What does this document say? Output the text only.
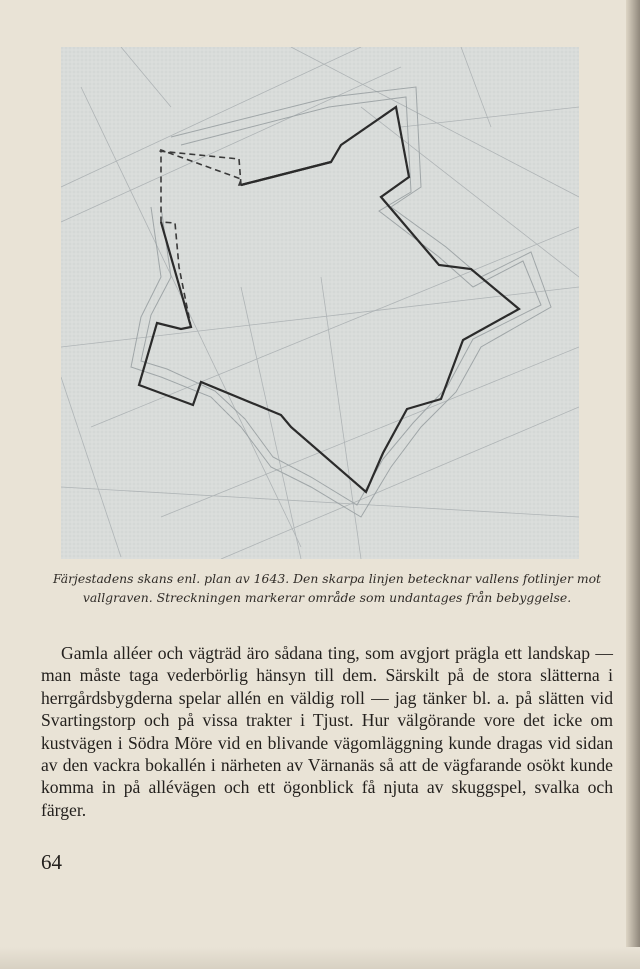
Färjestadens skans enl. plan av 1643. Den skarpa linjen betecknar vallens fotlinjer mot vallgraven. Streckningen markerar område som undantages från bebyggelse.

Gamla alléer och vägträd äro sådana ting, som avgjort prägla ett landskap — man måste taga vederbörlig hänsyn till dem. Särskilt på de stora slätterna i herrgårdsbygderna spelar allén en väldig roll — jag tänker bl. a. på slätten vid Svartingstorp och på vissa trakter i Tjust. Hur välgörande vore det icke om kustvägen i Södra Möre vid en blivande vägomläggning kunde dragas vid sidan av den vackra bokallén i närheten av Värnanäs så att de vägfarande osökt kunde komma in på allévägen och ett ögonblick få njuta av skuggspel, svalka och färger.

64
